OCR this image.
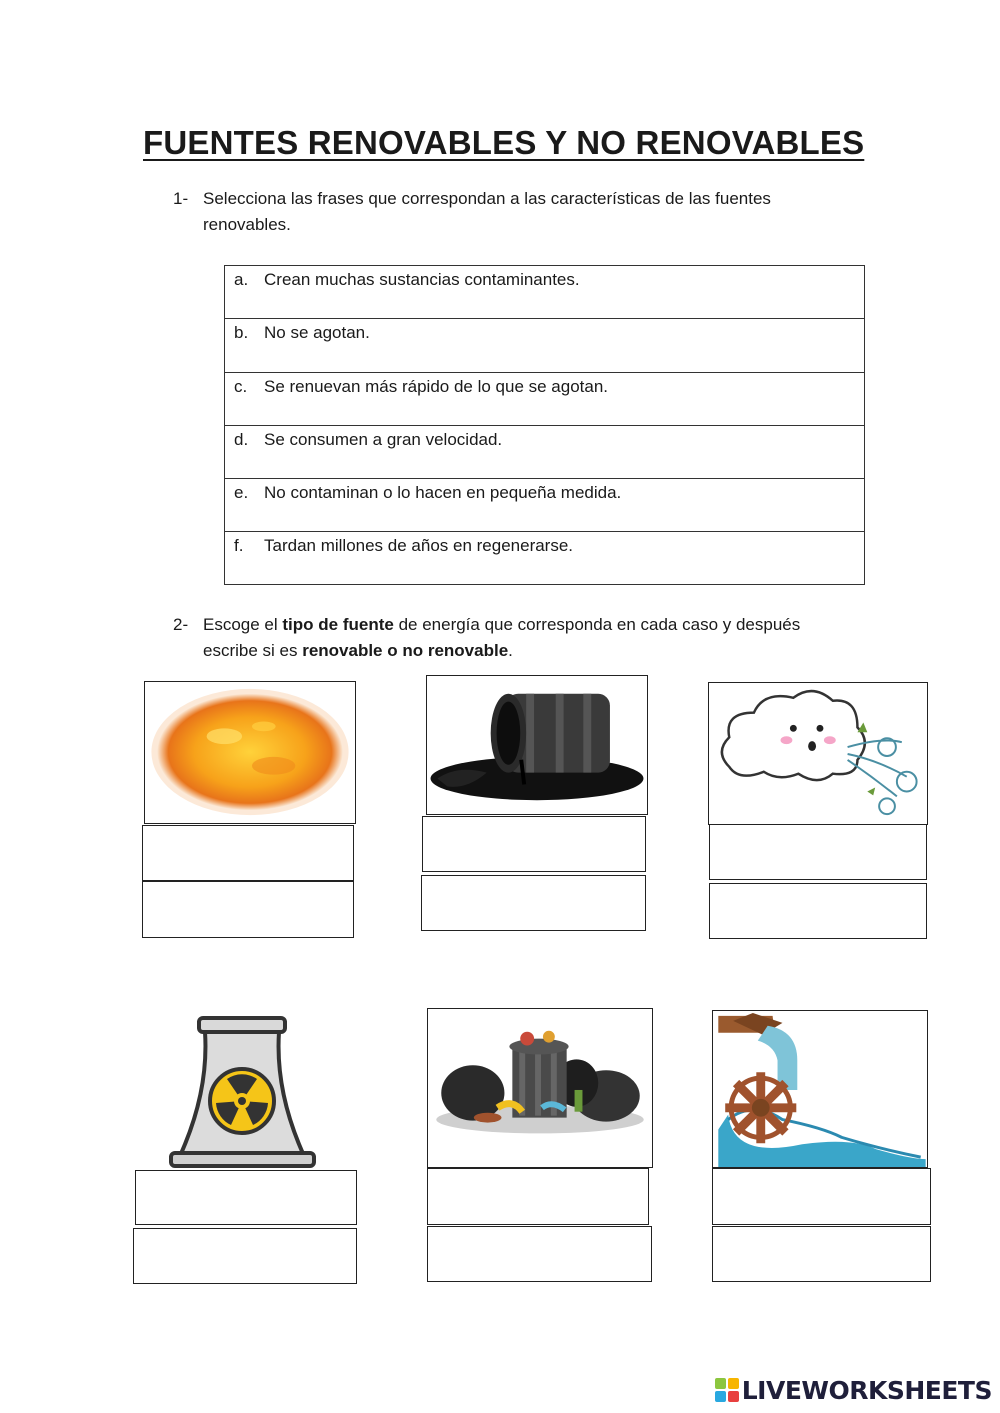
FUENTES RENOVABLES Y NO RENOVABLES
1- Selecciona las frases que correspondan a las características de las fuentes renovables.
a. Crean muchas sustancias contaminantes.
b. No se agotan.
c. Se renuevan más rápido de lo que se agotan.
d. Se consumen a gran velocidad.
e. No contaminan o lo hacen en pequeña medida.
f. Tardan millones de años en regenerarse.
2- Escoge el tipo de fuente de energía que corresponda en cada caso y después escribe si es renovable o no renovable.
LIVEWORKSHEETS
